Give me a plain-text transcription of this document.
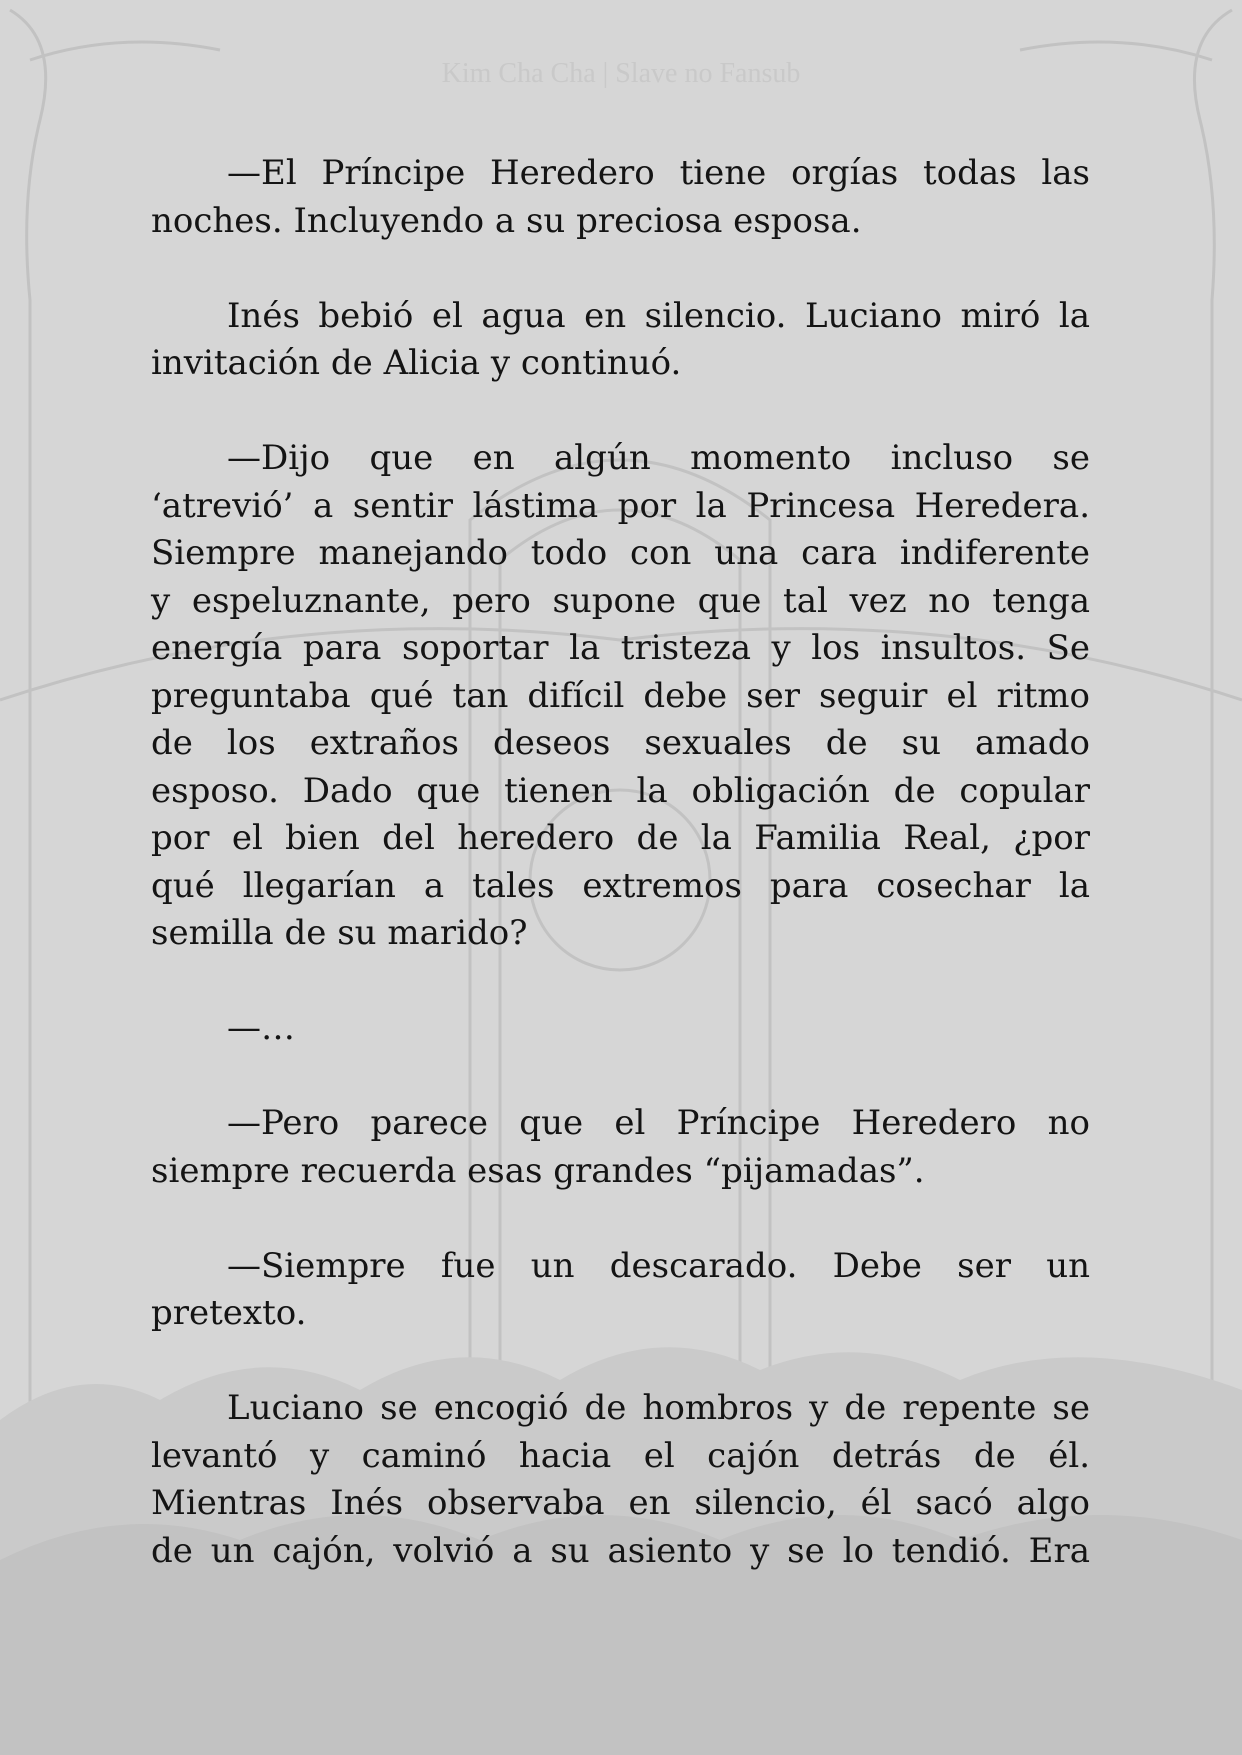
Kim Cha Cha | Slave no Fansub
—El Príncipe Heredero tiene orgías todas las
noches. Incluyendo a su preciosa esposa.
Inés bebió el agua en silencio. Luciano miró la
invitación de Alicia y continuó.
—Dijo que en algún momento incluso se
‘atrevió’ a sentir lástima por la Princesa Heredera.
Siempre manejando todo con una cara indiferente
y espeluznante, pero supone que tal vez no tenga
energía para soportar la tristeza y los insultos. Se
preguntaba qué tan difícil debe ser seguir el ritmo
de los extraños deseos sexuales de su amado
esposo. Dado que tienen la obligación de copular
por el bien del heredero de la Familia Real, ¿por
qué llegarían a tales extremos para cosechar la
semilla de su marido?
—…
—Pero parece que el Príncipe Heredero no
siempre recuerda esas grandes “pijamadas”.
—Siempre fue un descarado. Debe ser un
pretexto.
Luciano se encogió de hombros y de repente se
levantó y caminó hacia el cajón detrás de él.
Mientras Inés observaba en silencio, él sacó algo
de un cajón, volvió a su asiento y se lo tendió. Era
